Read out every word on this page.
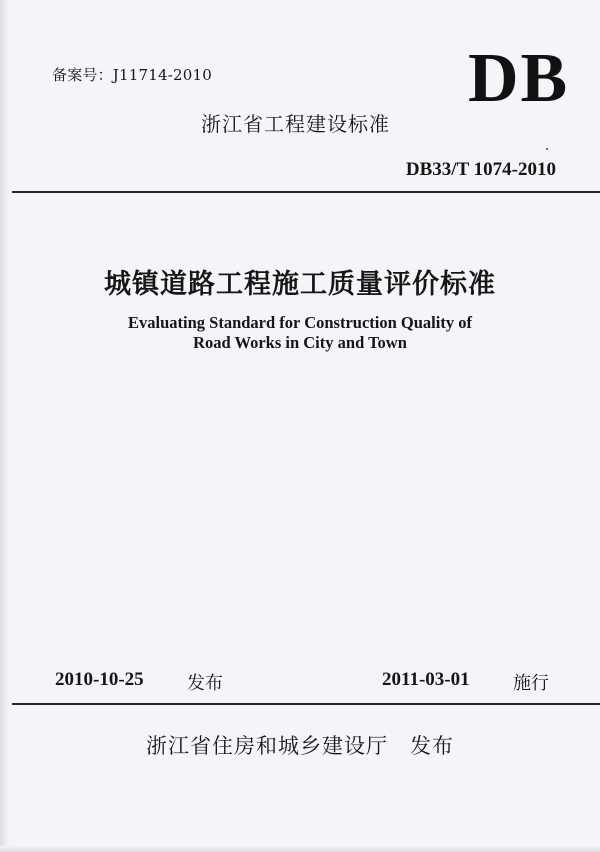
备案号：J11714-2010	DB
浙江省工程建设标准
DB33/T 1074-2010
城镇道路工程施工质量评价标准
Evaluating Standard for Construction Quality of
Road Works in City and Town
2010-10-25 发布	2011-03-01 施行
浙江省住房和城乡建设厅　发布
